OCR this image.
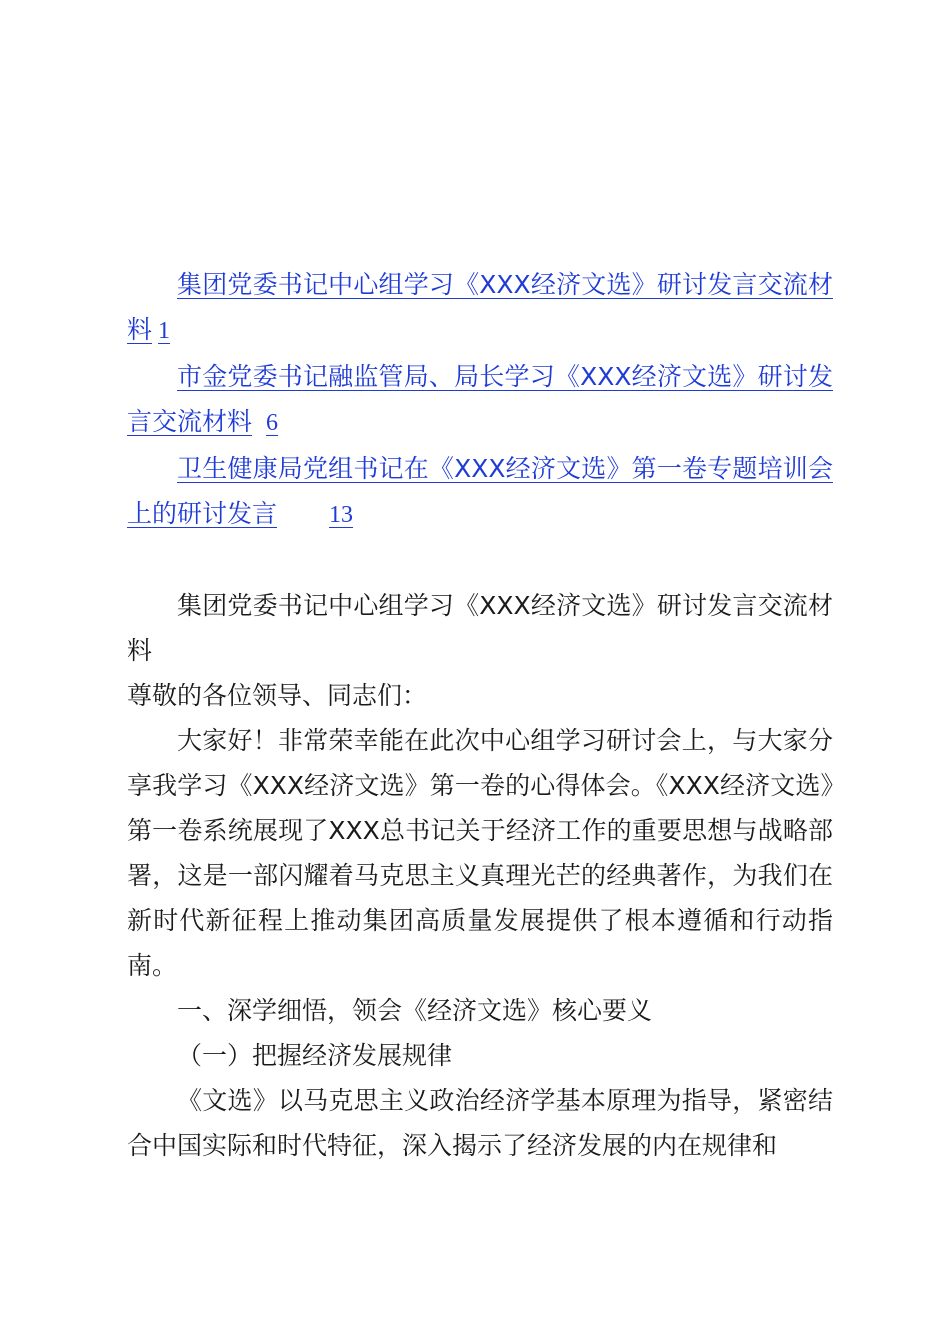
集团党委书记中心组学习《XXX经济文选》研讨发言交流材料 1
市金党委书记融监管局、局长学习《XXX经济文选》研讨发言交流材料 6
卫生健康局党组书记在《XXX经济文选》第一卷专题培训会上的研讨发言 13
集团党委书记中心组学习《XXX经济文选》研讨发言交流材料

尊敬的各位领导、同志们：

大家好！非常荣幸能在此次中心组学习研讨会上，与大家分享我学习《XXX经济文选》第一卷的心得体会。《XXX经济文选》第一卷系统展现了XXX总书记关于经济工作的重要思想与战略部署，这是一部闪耀着马克思主义真理光芒的经典著作，为我们在新时代新征程上推动集团高质量发展提供了根本遵循和行动指南。

一、深学细悟，领会《经济文选》核心要义
（一）把握经济发展规律

《文选》以马克思主义政治经济学基本原理为指导，紧密结合中国实际和时代特征，深入揭示了经济发展的内在规律和
